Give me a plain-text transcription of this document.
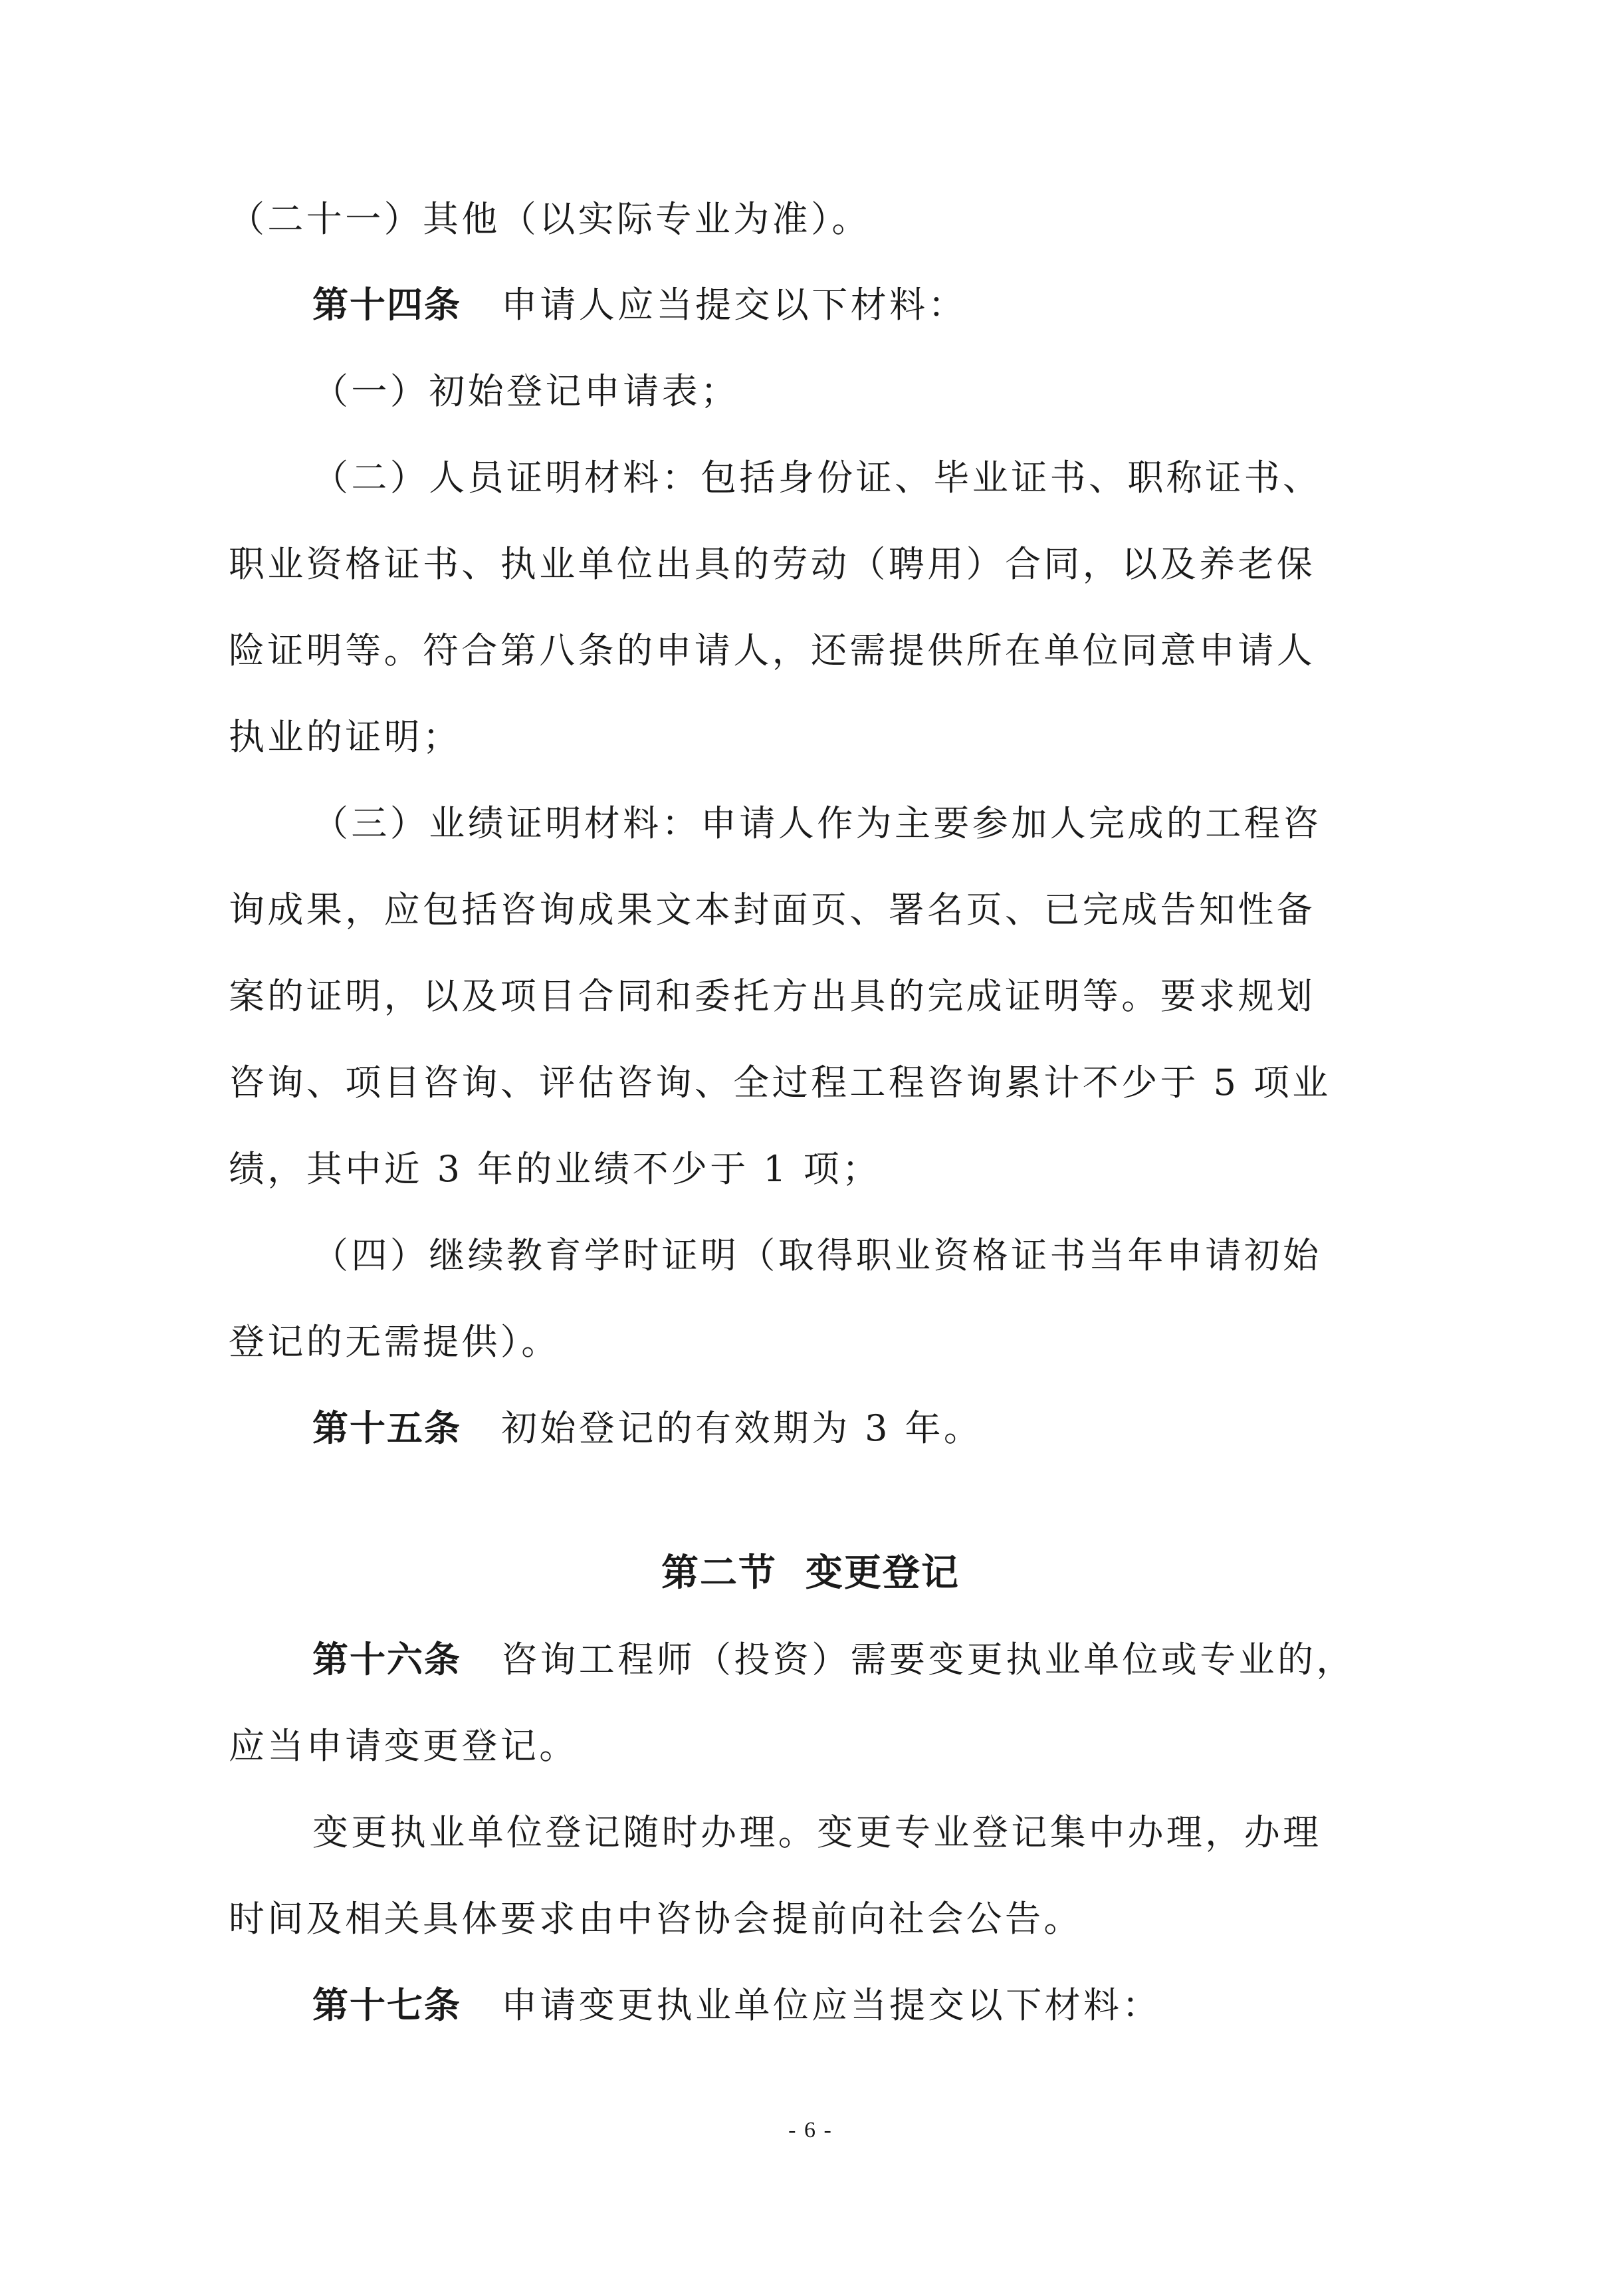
（二十一）其他（以实际专业为准）。
第十四条 申请人应当提交以下材料：
（一）初始登记申请表；
（二）人员证明材料：包括身份证、毕业证书、职称证书、
职业资格证书、执业单位出具的劳动（聘用）合同，以及养老保
险证明等。符合第八条的申请人，还需提供所在单位同意申请人
执业的证明；
（三）业绩证明材料：申请人作为主要参加人完成的工程咨
询成果，应包括咨询成果文本封面页、署名页、已完成告知性备
案的证明，以及项目合同和委托方出具的完成证明等。要求规划
咨询、项目咨询、评估咨询、全过程工程咨询累计不少于 5 项业
绩，其中近 3 年的业绩不少于 1 项；
（四）继续教育学时证明（取得职业资格证书当年申请初始
登记的无需提供）。
第十五条 初始登记的有效期为 3 年。
第二节  变更登记
第十六条 咨询工程师（投资）需要变更执业单位或专业的，
应当申请变更登记。
变更执业单位登记随时办理。变更专业登记集中办理，办理
时间及相关具体要求由中咨协会提前向社会公告。
第十七条 申请变更执业单位应当提交以下材料：
- 6 -
